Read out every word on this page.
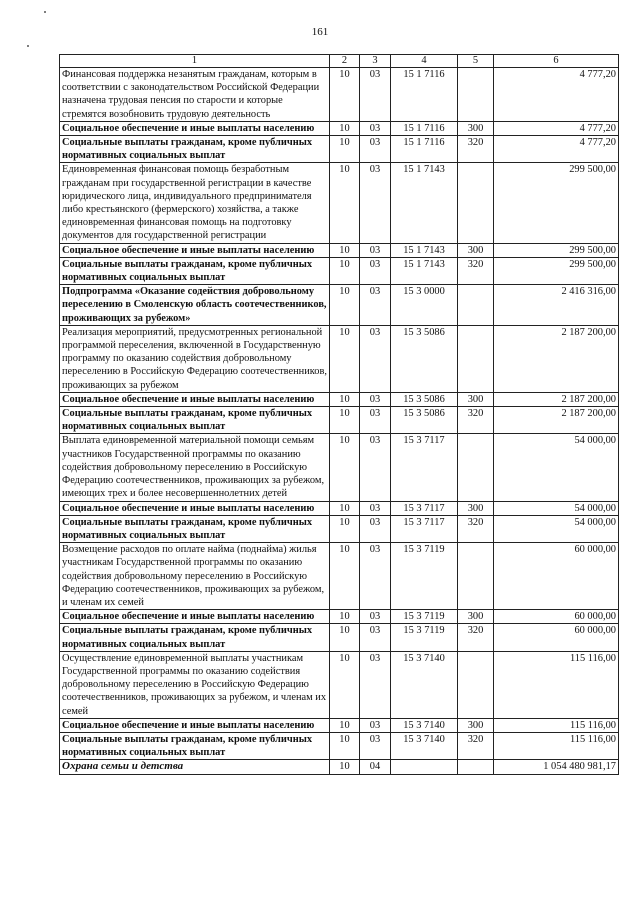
161
1	2	3	4	5	6
Финансовая поддержка незанятым гражданам, которым в соответствии с законодательством Российской Федерации назначена трудовая пенсия по старости и которые стремятся возобновить трудовую деятельность	10	03	15 1 7116		4 777,20
Социальное обеспечение и иные выплаты населению	10	03	15 1 7116	300	4 777,20
Социальные выплаты гражданам, кроме публичных нормативных социальных выплат	10	03	15 1 7116	320	4 777,20
Единовременная финансовая помощь безработным гражданам при государственной регистрации в качестве юридического лица, индивидуального предпринимателя либо крестьянского (фермерского) хозяйства, а также единовременная финансовая помощь на подготовку документов для государственной регистрации	10	03	15 1 7143		299 500,00
Социальное обеспечение и иные выплаты населению	10	03	15 1 7143	300	299 500,00
Социальные выплаты гражданам, кроме публичных нормативных социальных выплат	10	03	15 1 7143	320	299 500,00
Подпрограмма «Оказание содействия добровольному переселению в Смоленскую область соотечественников, проживающих за рубежом»	10	03	15 3 0000		2 416 316,00
Реализация мероприятий, предусмотренных региональной программой переселения, включенной в Государственную программу по оказанию содействия добровольному переселению в Российскую Федерацию соотечественников, проживающих за рубежом	10	03	15 3 5086		2 187 200,00
Социальное обеспечение и иные выплаты населению	10	03	15 3 5086	300	2 187 200,00
Социальные выплаты гражданам, кроме публичных нормативных социальных выплат	10	03	15 3 5086	320	2 187 200,00
Выплата единовременной материальной помощи семьям участников Государственной программы по оказанию содействия добровольному переселению в Российскую Федерацию соотечественников, проживающих за рубежом, имеющих трех и более несовершеннолетних детей	10	03	15 3 7117		54 000,00
Социальное обеспечение и иные выплаты населению	10	03	15 3 7117	300	54 000,00
Социальные выплаты гражданам, кроме публичных нормативных социальных выплат	10	03	15 3 7117	320	54 000,00
Возмещение расходов по оплате найма (поднайма) жилья участникам Государственной программы по оказанию содействия добровольному переселению в Российскую Федерацию соотечественников, проживающих за рубежом, и членам их семей	10	03	15 3 7119		60 000,00
Социальное обеспечение и иные выплаты населению	10	03	15 3 7119	300	60 000,00
Социальные выплаты гражданам, кроме публичных нормативных социальных выплат	10	03	15 3 7119	320	60 000,00
Осуществление единовременной выплаты участникам Государственной программы по оказанию содействия добровольному переселению в Российскую Федерацию соотечественников, проживающих за рубежом, и членам их семей	10	03	15 3 7140		115 116,00
Социальное обеспечение и иные выплаты населению	10	03	15 3 7140	300	115 116,00
Социальные выплаты гражданам, кроме публичных нормативных социальных выплат	10	03	15 3 7140	320	115 116,00
Охрана семьи и детства	10	04			1 054 480 981,17
